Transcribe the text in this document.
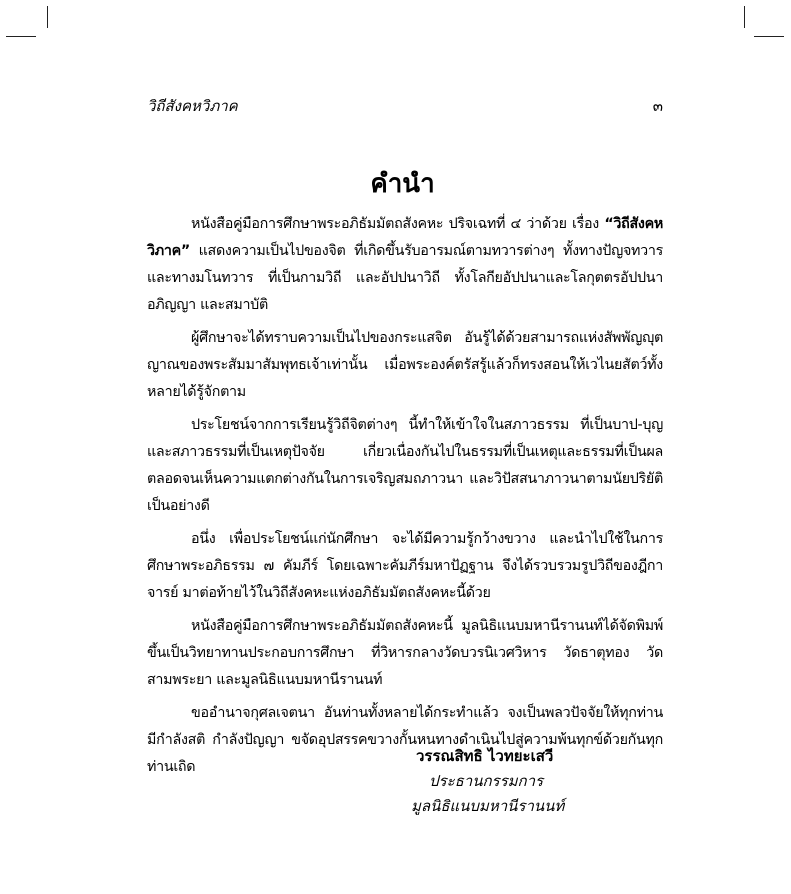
วิถีสังคหวิภาค	๓
คำนำ

หนังสือคู่มือการศึกษาพระอภิธัมมัตถสังคหะ ปริจเฉทที่ ๔ ว่าด้วย เรื่อง “วิถีสังคหวิภาค” แสดงความเป็นไปของจิต ที่เกิดขึ้นรับอารมณ์ตามทวารต่างๆ ทั้งทางปัญจทวาร และทางมโนทวาร ที่เป็นกามวิถี และอัปปนาวิถี ทั้งโลกียอัปปนาและโลกุตตรอัปปนา อภิญญา และสมาบัติ

ผู้ศึกษาจะได้ทราบความเป็นไปของกระแสจิต อันรู้ได้ด้วยสามารถแห่งสัพพัญญุตญาณของพระสัมมาสัมพุทธเจ้าเท่านั้น เมื่อพระองค์ตรัสรู้แล้วก็ทรงสอนให้เวไนยสัตว์ทั้งหลายได้รู้จักตาม

ประโยชน์จากการเรียนรู้วิถีจิตต่างๆ นี้ทำให้เข้าใจในสภาวธรรม ที่เป็นบาป-บุญ และสภาวธรรมที่เป็นเหตุปัจจัย เกี่ยวเนื่องกันไปในธรรมที่เป็นเหตุและธรรมที่เป็นผล ตลอดจนเห็นความแตกต่างกันในการเจริญสมถภาวนา และวิปัสสนาภาวนาตามนัยปริยัติเป็นอย่างดี

อนึ่ง เพื่อประโยชน์แก่นักศึกษา จะได้มีความรู้กว้างขวาง และนำไปใช้ในการศึกษาพระอภิธรรม ๗ คัมภีร์ โดยเฉพาะคัมภีร์มหาปัฏฐาน จึงได้รวบรวมรูปวิถีของฎีกาจารย์ มาต่อท้ายไว้ในวิถีสังคหะแห่งอภิธัมมัตถสังคหะนี้ด้วย

หนังสือคู่มือการศึกษาพระอภิธัมมัตถสังคหะนี้ มูลนิธิแนบมหานีรานนท์ได้จัดพิมพ์ขึ้นเป็นวิทยาทานประกอบการศึกษา ที่วิหารกลางวัดบวรนิเวศวิหาร วัดธาตุทอง วัดสามพระยา และมูลนิธิแนบมหานีรานนท์

ขออำนาจกุศลเจตนา อันท่านทั้งหลายได้กระทำแล้ว จงเป็นพลวปัจจัยให้ทุกท่าน มีกำลังสติ กำลังปัญญา ขจัดอุปสรรคขวางกั้นหนทางดำเนินไปสู่ความพ้นทุกข์ด้วยกันทุกท่านเถิด

วรรณสิทธิ ไวทยะเสวี
ประธานกรรมการ
มูลนิธิแนบมหานีรานนท์
